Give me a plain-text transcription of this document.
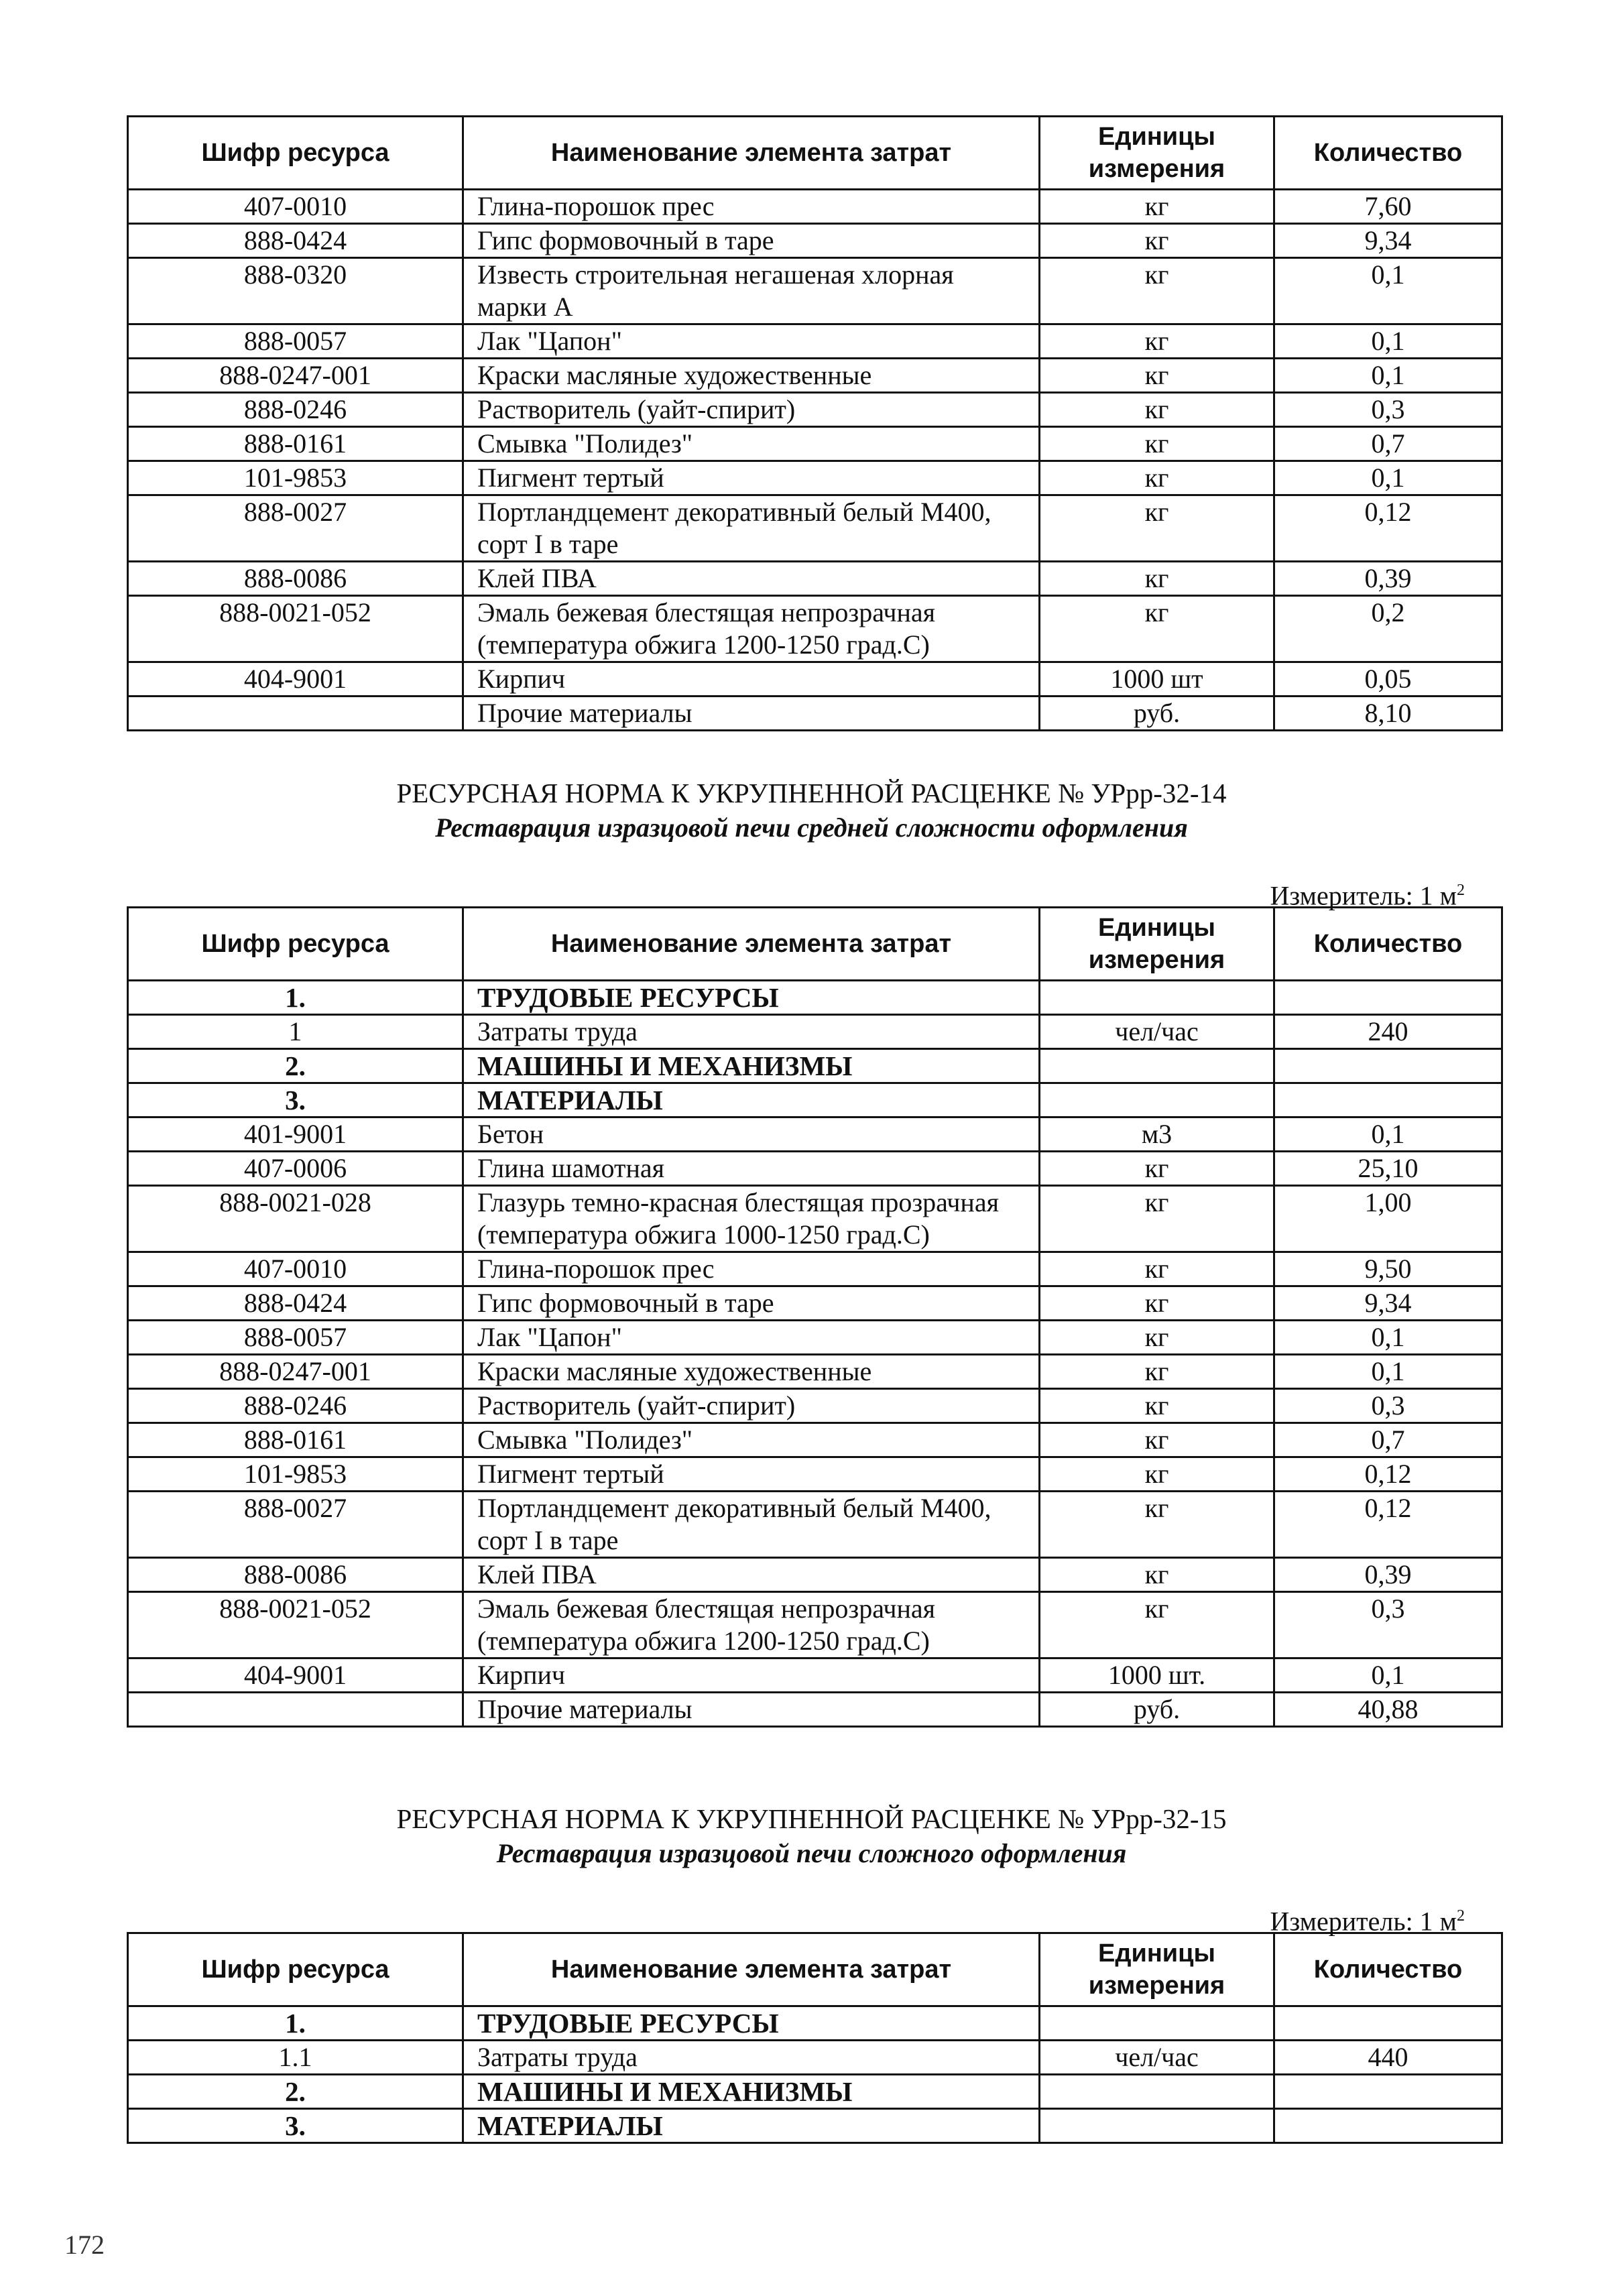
Шифр ресурса	Наименование элемента затрат	Единицы измерения	Количество
407-0010	Глина-порошок прес	кг	7,60
888-0424	Гипс формовочный в таре	кг	9,34
888-0320	Известь строительная негашеная хлорная марки А	кг	0,1
888-0057	Лак "Цапон"	кг	0,1
888-0247-001	Краски масляные художественные	кг	0,1
888-0246	Растворитель (уайт-спирит)	кг	0,3
888-0161	Смывка "Полидез"	кг	0,7
101-9853	Пигмент тертый	кг	0,1
888-0027	Портландцемент декоративный белый М400, сорт I в таре	кг	0,12
888-0086	Клей ПВА	кг	0,39
888-0021-052	Эмаль бежевая блестящая непрозрачная (температура обжига 1200-1250 град.С)	кг	0,2
404-9001	Кирпич	1000 шт	0,05
	Прочие материалы	руб.	8,10
РЕСУРСНАЯ НОРМА К УКРУПНЕННОЙ РАСЦЕНКЕ № УРрр-32-14
Реставрация изразцовой печи средней сложности оформления
Измеритель: 1 $м^2$
Шифр ресурса	Наименование элемента затрат	Единицы измерения	Количество
1.	ТРУДОВЫЕ РЕСУРСЫ		
1	Затраты труда	чел/час	240
2.	МАШИНЫ И МЕХАНИЗМЫ		
3.	МАТЕРИАЛЫ		
401-9001	Бетон	м3	0,1
407-0006	Глина шамотная	кг	25,10
888-0021-028	Глазурь темно-красная блестящая прозрачная (температура обжига 1000-1250 град.С)	кг	1,00
407-0010	Глина-порошок прес	кг	9,50
888-0424	Гипс формовочный в таре	кг	9,34
888-0057	Лак "Цапон"	кг	0,1
888-0247-001	Краски масляные художественные	кг	0,1
888-0246	Растворитель (уайт-спирит)	кг	0,3
888-0161	Смывка "Полидез"	кг	0,7
101-9853	Пигмент тертый	кг	0,12
888-0027	Портландцемент декоративный белый М400, сорт I в таре	кг	0,12
888-0086	Клей ПВА	кг	0,39
888-0021-052	Эмаль бежевая блестящая непрозрачная (температура обжига 1200-1250 град.С)	кг	0,3
404-9001	Кирпич	1000 шт.	0,1
	Прочие материалы	руб.	40,88
РЕСУРСНАЯ НОРМА К УКРУПНЕННОЙ РАСЦЕНКЕ № УРрр-32-15
Реставрация изразцовой печи сложного оформления
Измеритель: 1 $м^2$
Шифр ресурса	Наименование элемента затрат	Единицы измерения	Количество
1.	ТРУДОВЫЕ РЕСУРСЫ		
1.1	Затраты труда	чел/час	440
2.	МАШИНЫ И МЕХАНИЗМЫ		
3.	МАТЕРИАЛЫ		
172
